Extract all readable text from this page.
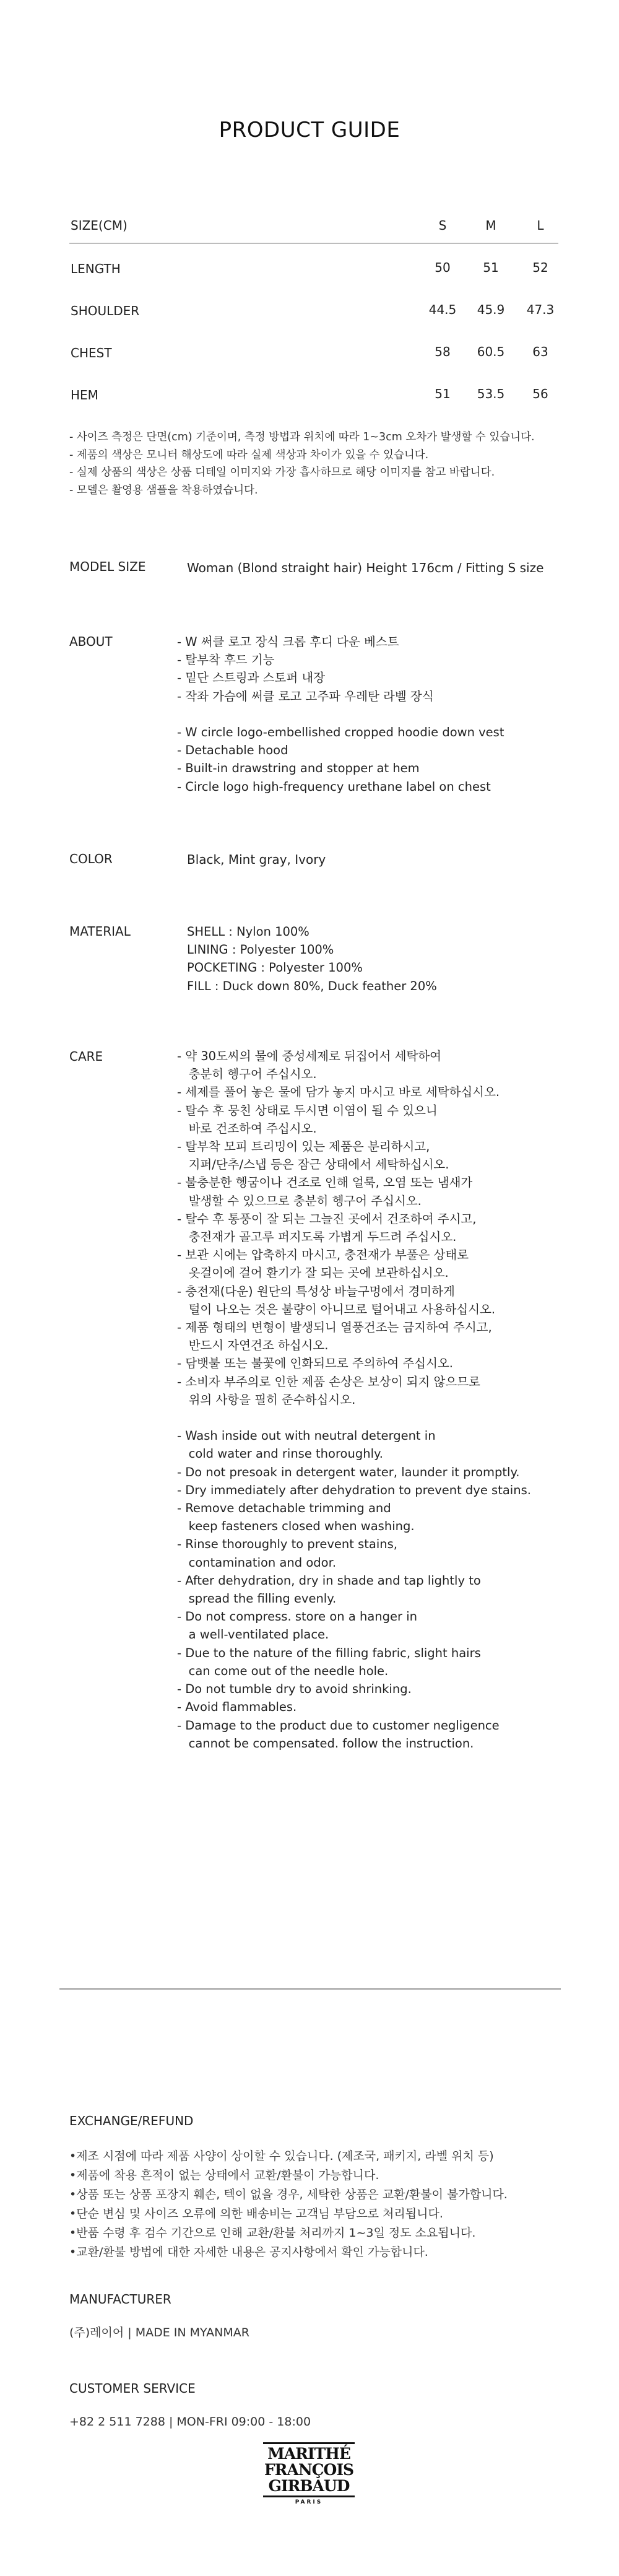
PRODUCT GUIDE
SIZE(CM)	S	M	L
LENGTH	50	51	52
SHOULDER	44.5	45.9	47.3
CHEST	58	60.5	63
HEM	51	53.5	56
- 사이즈 측정은 단면(cm) 기준이며, 측정 방법과 위치에 따라 1~3cm 오차가 발생할 수 있습니다.
- 제품의 색상은 모니터 해상도에 따라 실제 색상과 차이가 있을 수 있습니다.
- 실제 상품의 색상은 상품 디테일 이미지와 가장 흡사하므로 해당 이미지를 참고 바랍니다.
- 모델은 촬영용 샘플을 착용하였습니다.
MODEL SIZE	Woman (Blond straight hair) Height 176cm / Fitting S size
ABOUT	- W 써클 로고 장식 크롭 후디 다운 베스트
- 탈부착 후드 기능
- 밑단 스트링과 스토퍼 내장
- 작좌 가슴에 써클 로고 고주파 우레탄 라벨 장식
- W circle logo-embellished cropped hoodie down vest
- Detachable hood
- Built-in drawstring and stopper at hem
- Circle logo high-frequency urethane label on chest
COLOR	Black, Mint gray, Ivory
MATERIAL	SHELL : Nylon 100%
LINING : Polyester 100%
POCKETING : Polyester 100%
FILL : Duck down 80%, Duck feather 20%
CARE	- 약 30도씨의 물에 중성세제로 뒤집어서 세탁하여
충분히 헹구어 주십시오.
- 세제를 풀어 놓은 물에 담가 놓지 마시고 바로 세탁하십시오.
- 탈수 후 뭉친 상태로 두시면 이염이 될 수 있으니
바로 건조하여 주십시오.
- 탈부착 모피 트리밍이 있는 제품은 분리하시고,
지퍼/단추/스냅 등은 잠근 상태에서 세탁하십시오.
- 불충분한 헹굼이나 건조로 인해 얼룩, 오염 또는 냄새가
발생할 수 있으므로 충분히 헹구어 주십시오.
- 탈수 후 통풍이 잘 되는 그늘진 곳에서 건조하여 주시고,
충전재가 골고루 퍼지도록 가볍게 두드려 주십시오.
- 보관 시에는 압축하지 마시고, 충전재가 부풀은 상태로
옷걸이에 걸어 환기가 잘 되는 곳에 보관하십시오.
- 충전재(다운) 원단의 특성상 바늘구멍에서 경미하게
털이 나오는 것은 불량이 아니므로 털어내고 사용하십시오.
- 제품 형태의 변형이 발생되니 열풍건조는 금지하여 주시고,
반드시 자연건조 하십시오.
- 담뱃불 또는 불꽃에 인화되므로 주의하여 주십시오.
- 소비자 부주의로 인한 제품 손상은 보상이 되지 않으므로
위의 사항을 필히 준수하십시오.
- Wash inside out with neutral detergent in
cold water and rinse thoroughly.
- Do not presoak in detergent water, launder it promptly.
- Dry immediately after dehydration to prevent dye stains.
- Remove detachable trimming and
keep fasteners closed when washing.
- Rinse thoroughly to prevent stains,
contamination and odor.
- After dehydration, dry in shade and tap lightly to
spread the filling evenly.
- Do not compress. store on a hanger in
a well-ventilated place.
- Due to the nature of the filling fabric, slight hairs
can come out of the needle hole.
- Do not tumble dry to avoid shrinking.
- Avoid flammables.
- Damage to the product due to customer negligence
cannot be compensated. follow the instruction.
EXCHANGE/REFUND
•제조 시점에 따라 제품 사양이 상이할 수 있습니다. (제조국, 패키지, 라벨 위치 등)
•제품에 착용 흔적이 없는 상태에서 교환/환불이 가능합니다.
•상품 또는 상품 포장지 훼손, 텍이 없을 경우, 세탁한 상품은 교환/환불이 불가합니다.
•단순 변심 및 사이즈 오류에 의한 배송비는 고객님 부담으로 처리됩니다.
•반품 수령 후 검수 기간으로 인해 교환/환불 처리까지 1~3일 정도 소요됩니다.
•교환/환불 방법에 대한 자세한 내용은 공지사항에서 확인 가능합니다.
MANUFACTURER
(주)레이어 | MADE IN MYANMAR
CUSTOMER SERVICE
+82 2 511 7288 | MON-FRI 09:00 - 18:00
MARITHÉ
FRANÇOIS
GIRBAUD
PARIS
